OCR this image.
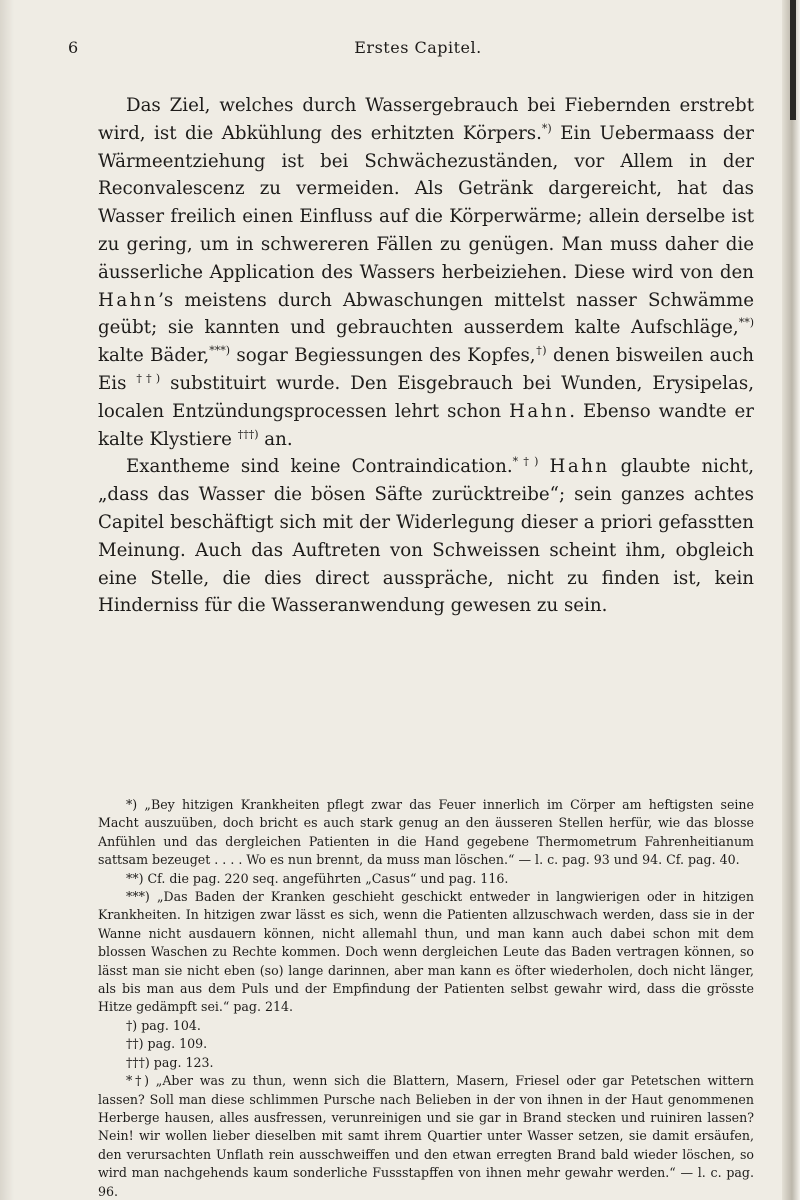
6	Erstes Capitel.

Das Ziel, welches durch Wassergebrauch bei Fiebernden erstrebt wird, ist die Abkühlung des erhitzten Körpers.*) Ein Uebermaass der Wärmeentziehung ist bei Schwächezuständen, vor Allem in der Reconvalescenz zu vermeiden. Als Getränk dargereicht, hat das Wasser freilich einen Einfluss auf die Körperwärme; allein derselbe ist zu gering, um in schwereren Fällen zu genügen. Man muss daher die äusserliche Application des Wassers herbeiziehen. Diese wird von den Hahn’s meistens durch Abwaschungen mittelst nasser Schwämme geübt; sie kannten und gebrauchten ausserdem kalte Aufschläge,**) kalte Bäder,***) sogar Begiessungen des Kopfes,†) denen bisweilen auch Eis ††) substituirt wurde. Den Eisgebrauch bei Wunden, Erysipelas, localen Entzündungsprocessen lehrt schon Hahn. Ebenso wandte er kalte Klystiere †††) an.

Exantheme sind keine Contraindication.*†) Hahn glaubte nicht, „dass das Wasser die bösen Säfte zurücktreibe“; sein ganzes achtes Capitel beschäftigt sich mit der Widerlegung dieser a priori gefasstten Meinung. Auch das Auftreten von Schweissen scheint ihm, obgleich eine Stelle, die dies direct ausspräche, nicht zu finden ist, kein Hinderniss für die Wasseranwendung gewesen zu sein.

*) „Bey hitzigen Krankheiten pflegt zwar das Feuer innerlich im Cörper am heftigsten seine Macht auszuüben, doch bricht es auch stark genug an den äusseren Stellen herfür, wie das blosse Anfühlen und das dergleichen Patienten in die Hand gegebene Thermometrum Fahrenheitianum sattsam bezeuget . . . . Wo es nun brennt, da muss man löschen.“ — l. c. pag. 93 und 94. Cf. pag. 40.

**) Cf. die pag. 220 seq. angeführten „Casus“ und pag. 116.

***) „Das Baden der Kranken geschieht geschickt entweder in langwierigen oder in hitzigen Krankheiten. In hitzigen zwar lässt es sich, wenn die Patienten allzuschwach werden, dass sie in der Wanne nicht ausdauern können, nicht allemahl thun, und man kann auch dabei schon mit dem blossen Waschen zu Rechte kommen. Doch wenn dergleichen Leute das Baden vertragen können, so lässt man sie nicht eben (so) lange darinnen, aber man kann es öfter wiederholen, doch nicht länger, als bis man aus dem Puls und der Empfindung der Patienten selbst gewahr wird, dass die grösste Hitze gedämpft sei.“ pag. 214.

†) pag. 104.

††) pag. 109.

†††) pag. 123.

*†) „Aber was zu thun, wenn sich die Blattern, Masern, Friesel oder gar Petetschen wittern lassen? Soll man diese schlimmen Pursche nach Belieben in der von ihnen in der Haut genommenen Herberge hausen, alles ausfressen, verunreinigen und sie gar in Brand stecken und ruiniren lassen? Nein! wir wollen lieber dieselben mit samt ihrem Quartier unter Wasser setzen, sie damit ersäufen, den verursachten Unflath rein ausschweiffen und den etwan erregten Brand bald wieder löschen, so wird man nachgehends kaum sonderliche Fussstapffen von ihnen mehr gewahr werden.“ — l. c. pag. 96.
